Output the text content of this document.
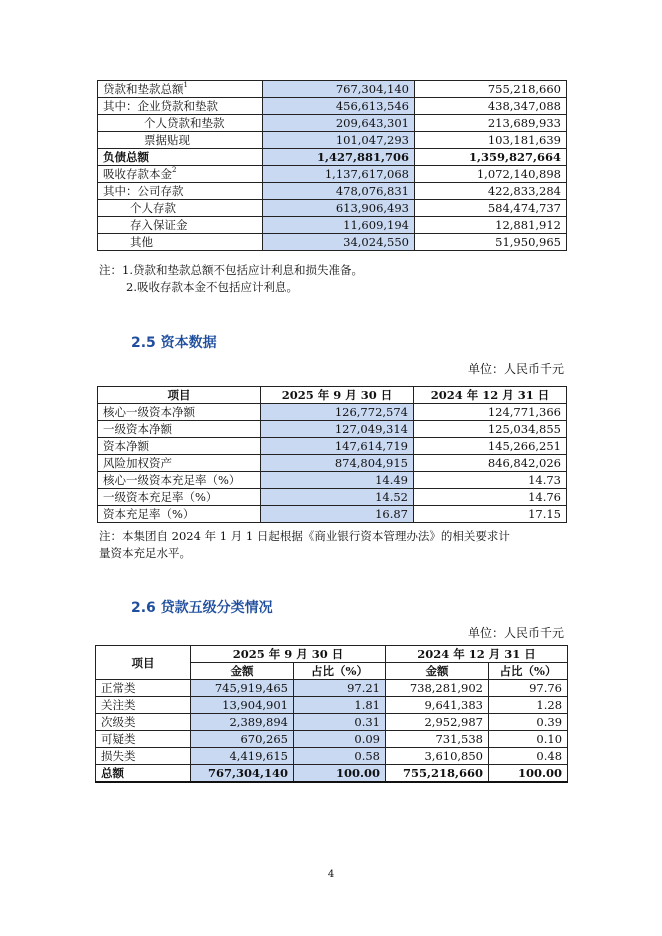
贷款和垫款总额$^1$	767,304,140	755,218,660
其中：企业贷款和垫款	456,613,546	438,347,088
个人贷款和垫款	209,643,301	213,689,933
票据贴现	101,047,293	103,181,639
负债总额	1,427,881,706	1,359,827,664
吸收存款本金$^2$	1,137,617,068	1,072,140,898
其中：公司存款	478,076,831	422,833,284
个人存款	613,906,493	584,474,737
存入保证金	11,609,194	12,881,912
其他	34,024,550	51,950,965
注：1.贷款和垫款总额不包括应计利息和损失准备。
2.吸收存款本金不包括应计利息。
2.5 资本数据
单位：人民币千元
项目	2025 年 9 月 30 日	2024 年 12 月 31 日
核心一级资本净额	126,772,574	124,771,366
一级资本净额	127,049,314	125,034,855
资本净额	147,614,719	145,266,251
风险加权资产	874,804,915	846,842,026
核心一级资本充足率（%）	14.49	14.73
一级资本充足率（%）	14.52	14.76
资本充足率（%）	16.87	17.15
注：本集团自 2024 年 1 月 1 日起根据《商业银行资本管理办法》的相关要求计
量资本充足水平。
2.6 贷款五级分类情况
单位：人民币千元
项目	2025 年 9 月 30 日		2024 年 12 月 31 日	
	金额	占比（%）	金额	占比（%）
正常类	745,919,465	97.21	738,281,902	97.76
关注类	13,904,901	1.81	9,641,383	1.28
次级类	2,389,894	0.31	2,952,987	0.39
可疑类	670,265	0.09	731,538	0.10
损失类	4,419,615	0.58	3,610,850	0.48
总额	767,304,140	100.00	755,218,660	100.00
4
